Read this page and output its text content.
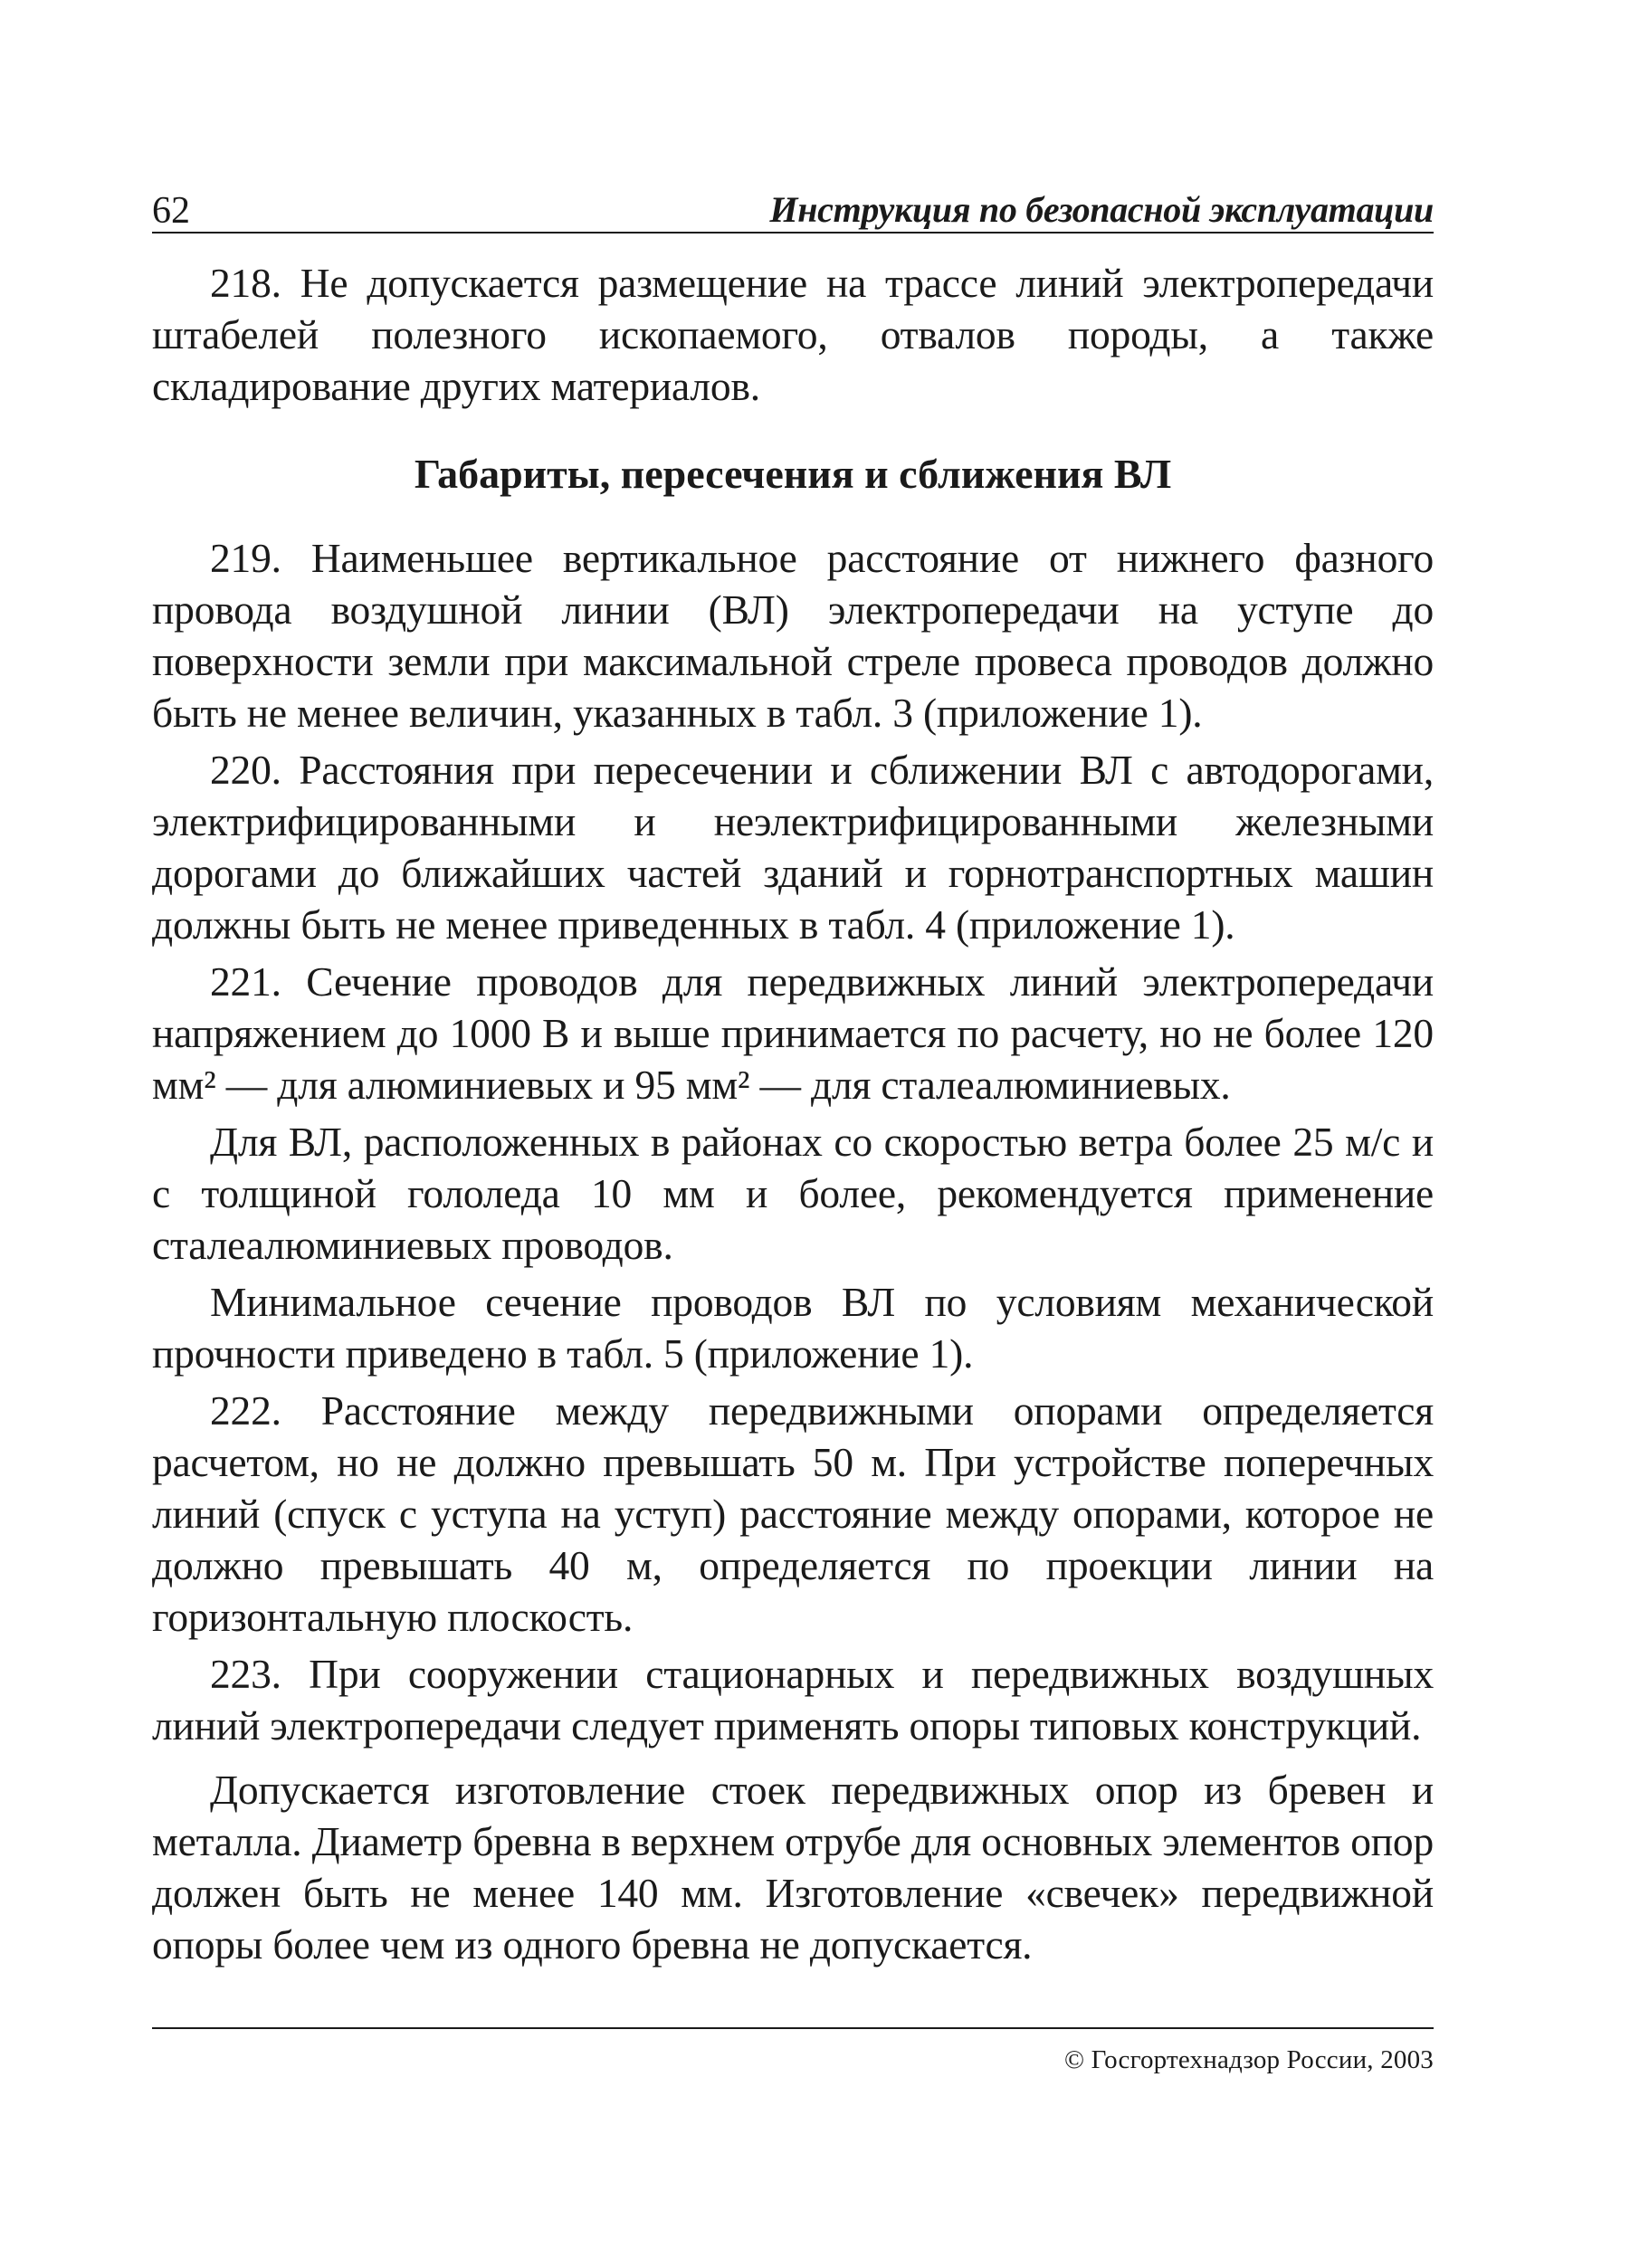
62	Инструкция по безопасной эксплуатации

218. Не допускается размещение на трассе линий электропередачи штабелей полезного ископаемого, отвалов породы, а также складирование других материалов.

Габариты, пересечения и сближения ВЛ

219. Наименьшее вертикальное расстояние от нижнего фазного провода воздушной линии (ВЛ) электропередачи на уступе до поверхности земли при максимальной стреле провеса проводов должно быть не менее величин, указанных в табл. 3 (приложение 1).

220. Расстояния при пересечении и сближении ВЛ с автодорогами, электрифицированными и неэлектрифицированными железными дорогами до ближайших частей зданий и горнотранспортных машин должны быть не менее приведенных в табл. 4 (приложение 1).

221. Сечение проводов для передвижных линий электропередачи напряжением до 1000 В и выше принимается по расчету, но не более 120 мм² — для алюминиевых и 95 мм² — для сталеалюминиевых.

Для ВЛ, расположенных в районах со скоростью ветра более 25 м/с и с толщиной гололеда 10 мм и более, рекомендуется применение сталеалюминиевых проводов.

Минимальное сечение проводов ВЛ по условиям механической прочности приведено в табл. 5 (приложение 1).

222. Расстояние между передвижными опорами определяется расчетом, но не должно превышать 50 м. При устройстве поперечных линий (спуск с уступа на уступ) расстояние между опорами, которое не должно превышать 40 м, определяется по проекции линии на горизонтальную плоскость.

223. При сооружении стационарных и передвижных воздушных линий электропередачи следует применять опоры типовых конструкций.

Допускается изготовление стоек передвижных опор из бревен и металла. Диаметр бревна в верхнем отрубе для основных элементов опор должен быть не менее 140 мм. Изготовление «свечек» передвижной опоры более чем из одного бревна не допускается.

© Госгортехнадзор России, 2003
